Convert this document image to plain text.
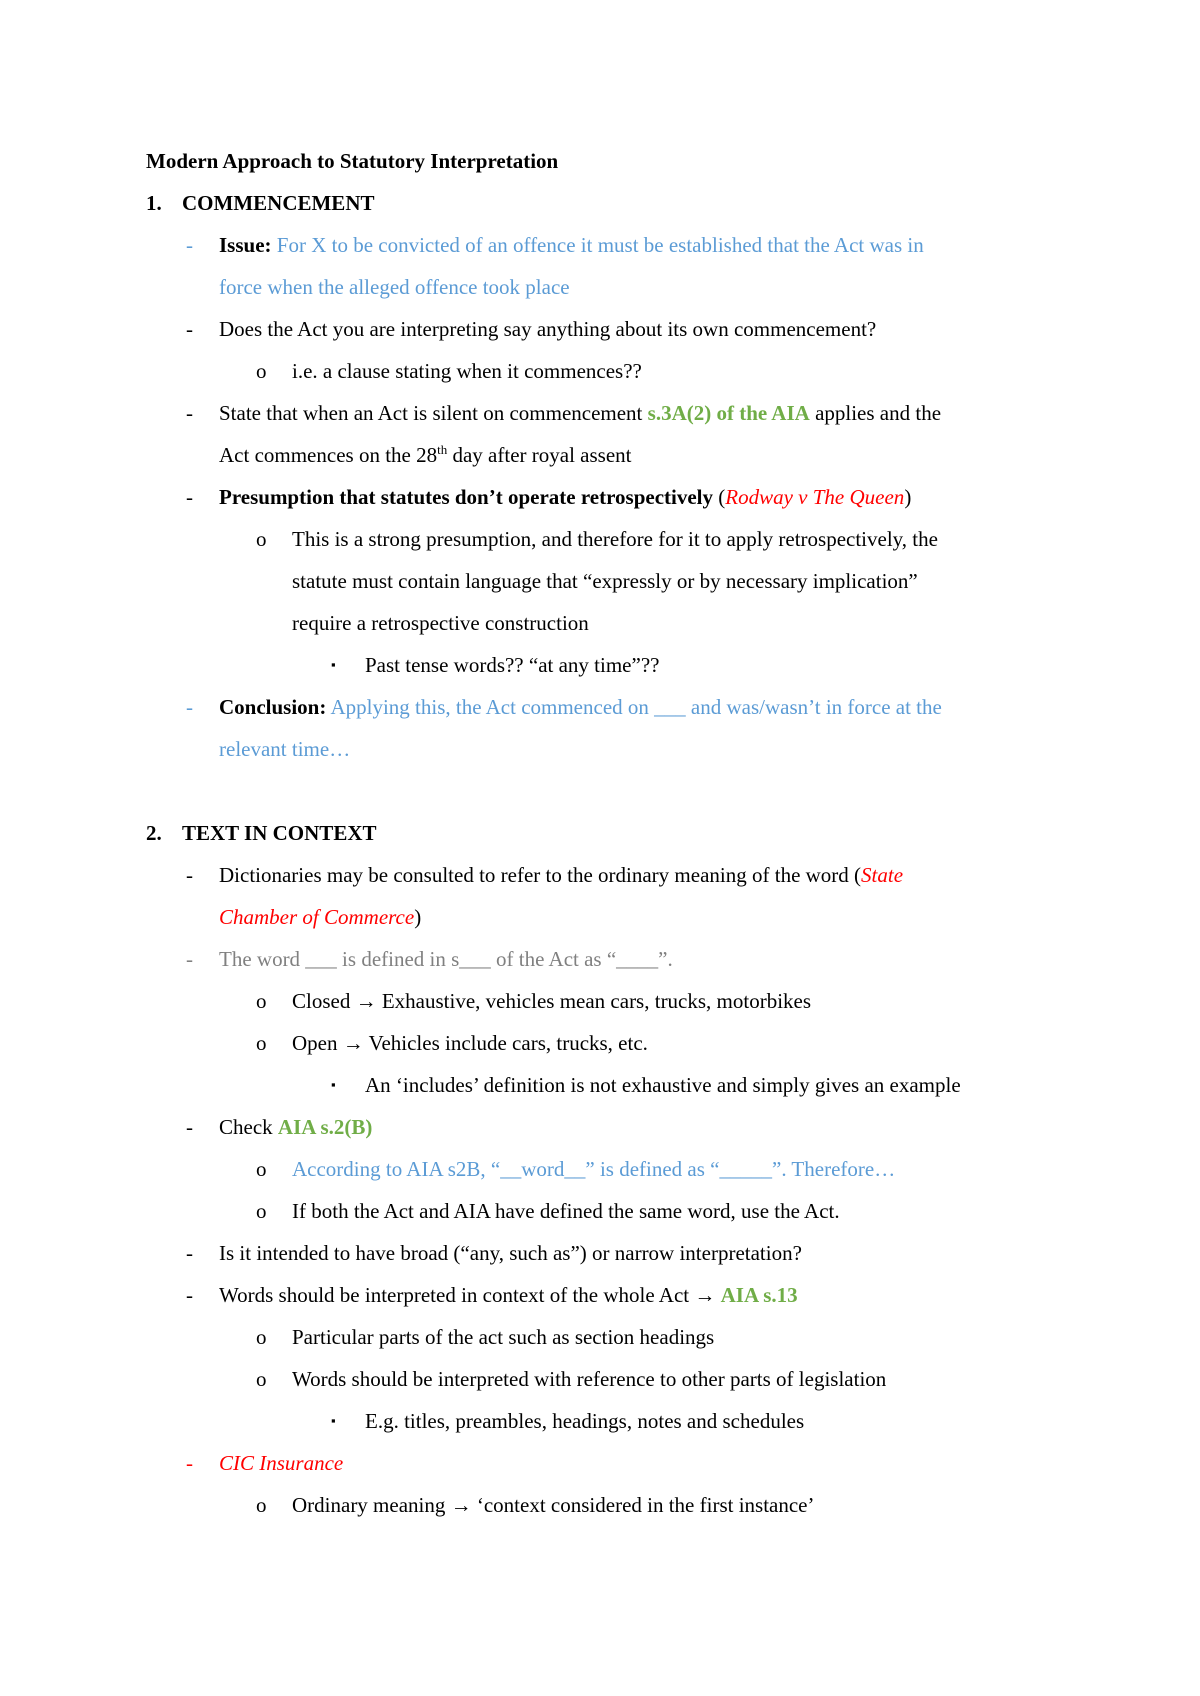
Modern Approach to Statutory Interpretation
1. COMMENCEMENT
- Issue: For X to be convicted of an offence it must be established that the Act was in
force when the alleged offence took place
- Does the Act you are interpreting say anything about its own commencement?
o i.e. a clause stating when it commences??
- State that when an Act is silent on commencement s.3A(2) of the AIA applies and the
Act commences on the 28th day after royal assent
- Presumption that statutes don’t operate retrospectively (Rodway v The Queen)
o This is a strong presumption, and therefore for it to apply retrospectively, the
statute must contain language that “expressly or by necessary implication”
require a retrospective construction
▪ Past tense words?? “at any time”??
- Conclusion: Applying this, the Act commenced on ___ and was/wasn’t in force at the
relevant time…
2. TEXT IN CONTEXT
- Dictionaries may be consulted to refer to the ordinary meaning of the word (State
Chamber of Commerce)
- The word ___ is defined in s___ of the Act as “____”.
o Closed → Exhaustive, vehicles mean cars, trucks, motorbikes
o Open → Vehicles include cars, trucks, etc.
▪ An ‘includes’ definition is not exhaustive and simply gives an example
- Check AIA s.2(B)
o According to AIA s2B, “__word__” is defined as “_____”. Therefore…
o If both the Act and AIA have defined the same word, use the Act.
- Is it intended to have broad (“any, such as”) or narrow interpretation?
- Words should be interpreted in context of the whole Act → AIA s.13
o Particular parts of the act such as section headings
o Words should be interpreted with reference to other parts of legislation
▪ E.g. titles, preambles, headings, notes and schedules
- CIC Insurance
o Ordinary meaning → ‘context considered in the first instance’
